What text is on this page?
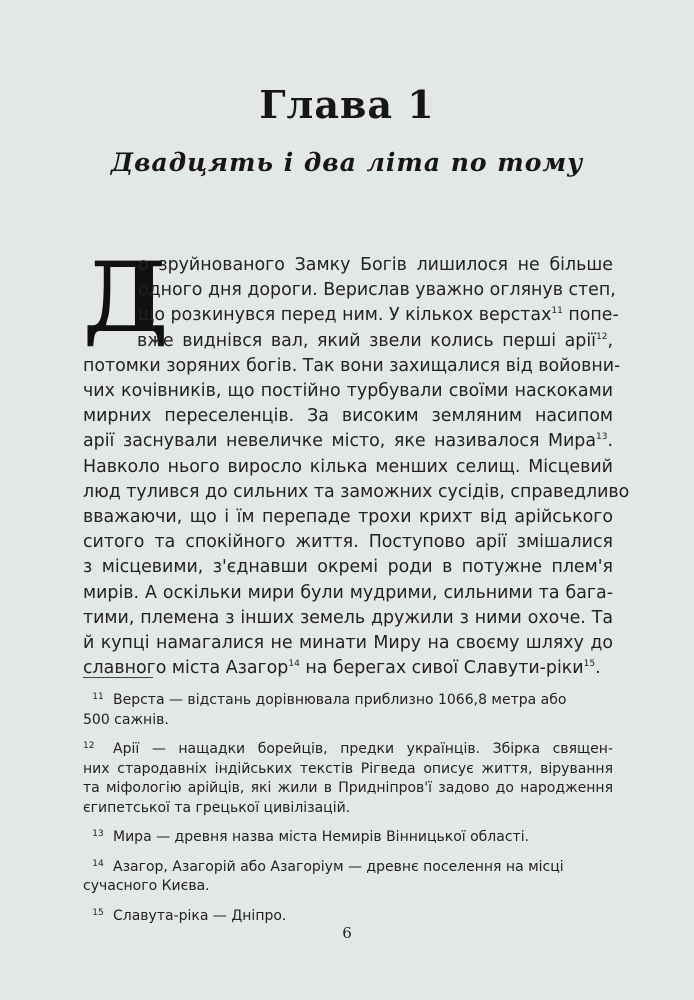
Глава 1
Двадцять і два літа по тому
Д
о зруйнованого Замку Богів лишилося не більше
одного дня дороги. Верислав уважно оглянув степ,
що розкинувся перед ним. У кількох верстах$^{11}$ попе-
вже виднівся вал, який звели колись перші арії$^{12}$,
потомки зоряних богів. Так вони захищалися від войовни-
чих кочівників, що постійно турбували своїми наскоками
мирних переселенців. За високим земляним насипом
арії заснували невеличке місто, яке називалося Мира$^{13}$.
Навколо нього виросло кілька менших селищ. Місцевий
люд тулився до сильних та заможних сусідів, справедливо
вважаючи, що і їм перепаде трохи крихт від арійського
ситого та спокійного життя. Поступово арії змішалися
з місцевими, з'єднавши окремі роди в потужне плем'я
мирів. А оскільки мири були мудрими, сильними та бага-
тими, племена з інших земель дружили з ними охоче. Та
й купці намагалися не минати Миру на своєму шляху до
славного міста Азагор$^{14}$ на берегах сивої Славути-ріки$^{15}$.
11 Верста — відстань дорівнювала приблизно 1066,8 метра або
500 сажнів.
12 Арії — нащадки борейців, предки українців. Збірка священ-
них стародавніх індійських текстів Рігведа описує життя, вірування
та міфологію арійців, які жили в Придніпров'ї задово до народження
єгипетської та грецької цивілізацій.
13 Мира — древня назва міста Немирів Вінницької області.
14 Азагор, Азагорій або Азагоріум — древнє поселення на місці
сучасного Києва.
15 Славута-ріка — Дніпро.
6
